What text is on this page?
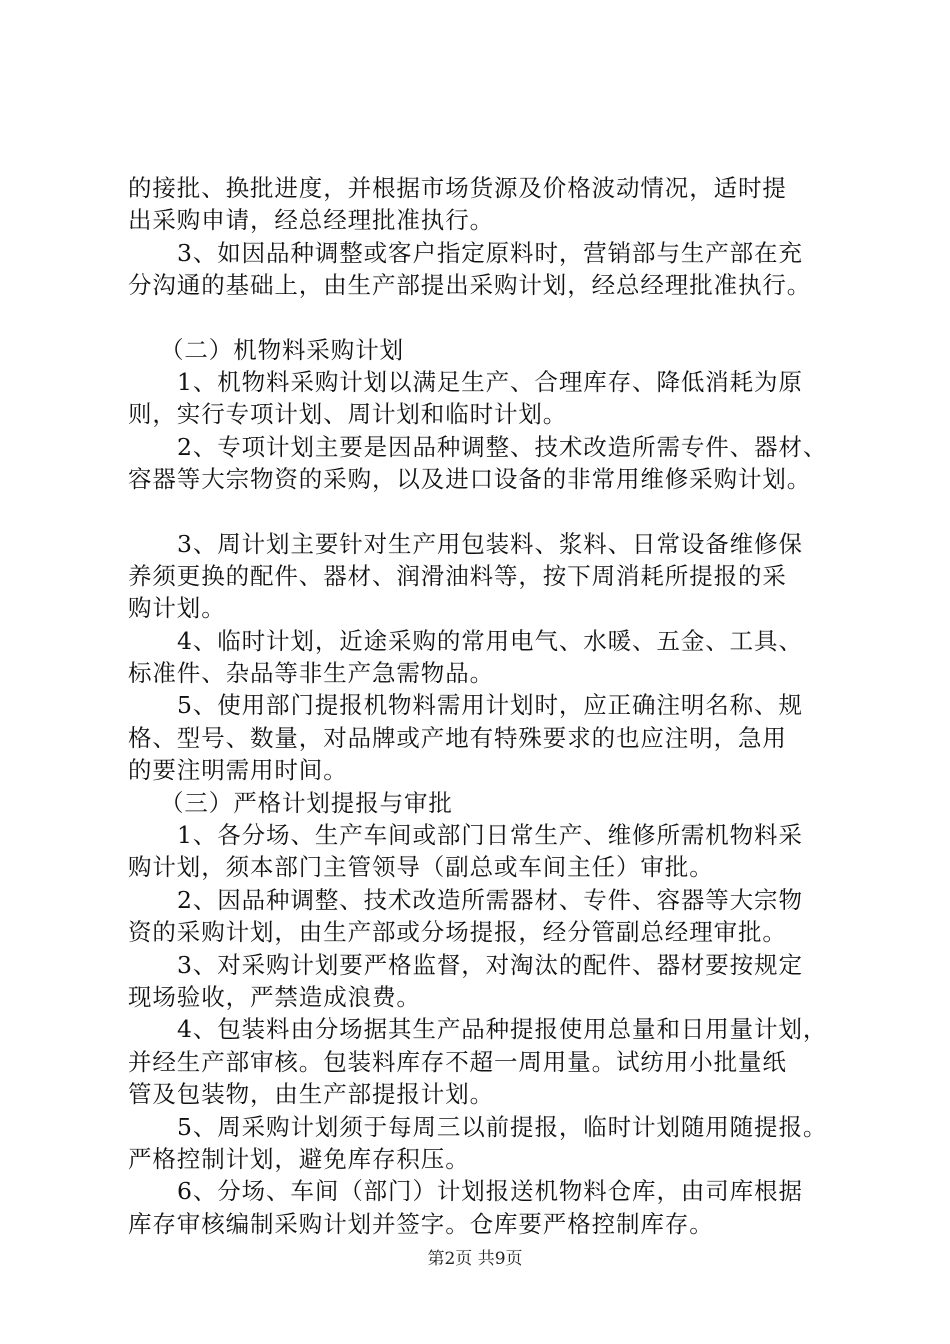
的接批、换批进度，并根据市场货源及价格波动情况，适时提
出采购申请，经总经理批准执行。
3、如因品种调整或客户指定原料时，营销部与生产部在充
分沟通的基础上，由生产部提出采购计划，经总经理批准执行。
（二）机物料采购计划
1、机物料采购计划以满足生产、合理库存、降低消耗为原
则，实行专项计划、周计划和临时计划。
2、专项计划主要是因品种调整、技术改造所需专件、器材、
容器等大宗物资的采购，以及进口设备的非常用维修采购计划。
3、周计划主要针对生产用包装料、浆料、日常设备维修保
养须更换的配件、器材、润滑油料等，按下周消耗所提报的采
购计划。
4、临时计划，近途采购的常用电气、水暖、五金、工具、
标准件、杂品等非生产急需物品。
5、使用部门提报机物料需用计划时，应正确注明名称、规
格、型号、数量，对品牌或产地有特殊要求的也应注明，急用
的要注明需用时间。
（三）严格计划提报与审批
1、各分场、生产车间或部门日常生产、维修所需机物料采
购计划，须本部门主管领导（副总或车间主任）审批。
2、因品种调整、技术改造所需器材、专件、容器等大宗物
资的采购计划，由生产部或分场提报，经分管副总经理审批。
3、对采购计划要严格监督，对淘汰的配件、器材要按规定
现场验收，严禁造成浪费。
4、包装料由分场据其生产品种提报使用总量和日用量计划，
并经生产部审核。包装料库存不超一周用量。试纺用小批量纸
管及包装物，由生产部提报计划。
5、周采购计划须于每周三以前提报，临时计划随用随提报。
严格控制计划，避免库存积压。
6、分场、车间（部门）计划报送机物料仓库，由司库根据
库存审核编制采购计划并签字。仓库要严格控制库存。
第2页 共9页
